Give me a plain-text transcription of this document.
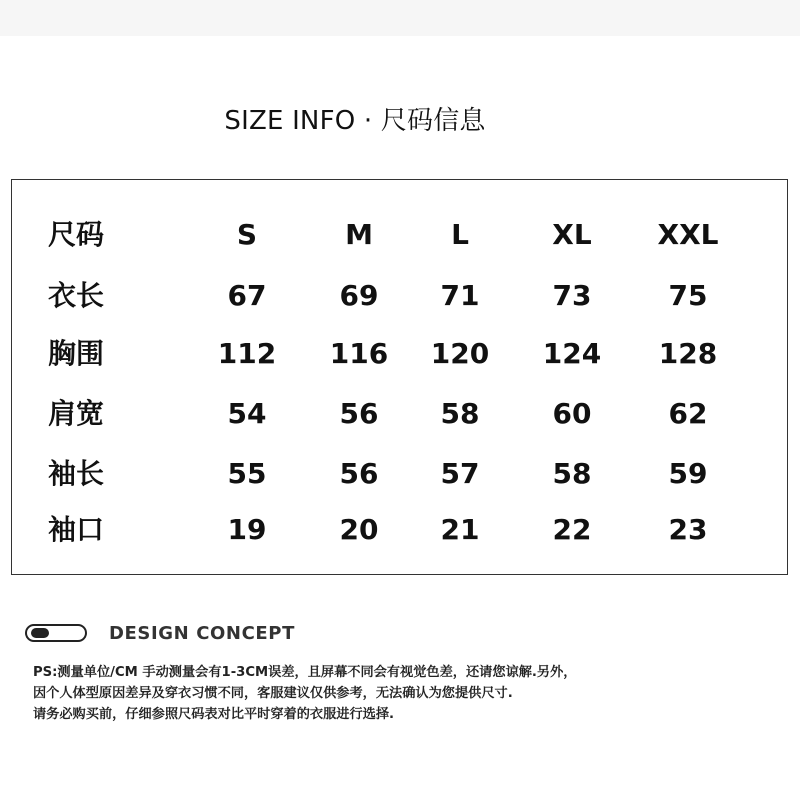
SIZE INFO · 尺码信息
尺码	S	M	L	XL	XXL
衣长	67	69	71	73	75
胸围	112	116	120	124	128
肩宽	54	56	58	60	62
袖长	55	56	57	58	59
袖口	19	20	21	22	23
DESIGN CONCEPT
PS:测量单位/CM 手动测量会有1-3CM误差，且屏幕不同会有视觉色差，还请您谅解.另外，
因个人体型原因差异及穿衣习惯不同，客服建议仅供参考，无法确认为您提供尺寸.
请务必购买前，仔细参照尺码表对比平时穿着的衣服进行选择.
